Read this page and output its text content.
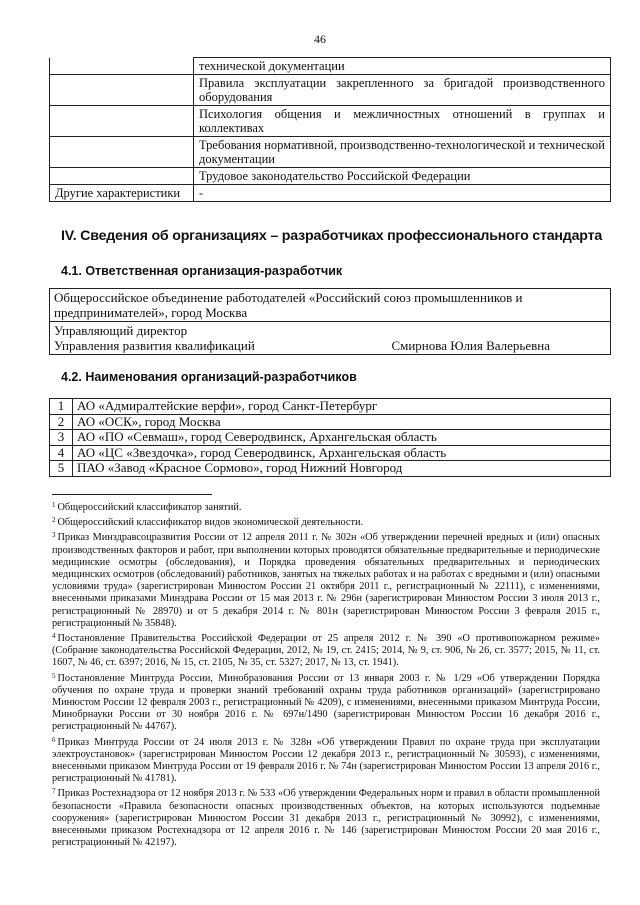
46
	технической документации
	Правила эксплуатации закрепленного за бригадой производственного оборудования
	Психология общения и межличностных отношений в группах и коллективах
	Требования нормативной, производственно-технологической и технической документации
	Трудовое законодательство Российской Федерации
Другие характеристики	-
IV. Сведения об организациях – разработчиках профессионального стандарта
4.1. Ответственная организация-разработчик
Общероссийское объединение работодателей «Российский союз промышленников и предпринимателей», город Москва

Управляющий директор
Управления развития квалификаций	Смирнова Юлия Валерьевна
4.2. Наименования организаций-разработчиков
1	АО «Адмиралтейские верфи», город Санкт-Петербург
2	АО «ОСК», город Москва
3	АО «ПО «Севмаш», город Северодвинск, Архангельская область
4	АО «ЦС «Звездочка», город Северодвинск, Архангельская область
5	ПАО «Завод «Красное Сормово», город Нижний Новгород

$^1$ Общероссийский классификатор занятий.

$^2$ Общероссийский классификатор видов экономической деятельности.

$^3$ Приказ Минздравсоцразвития России от 12 апреля 2011 г. № 302н «Об утверждении перечней вредных и (или) опасных производственных факторов и работ, при выполнении которых проводятся обязательные предварительные и периодические медицинские осмотры (обследования), и Порядка проведения обязательных предварительных и периодических медицинских осмотров (обследований) работников, занятых на тяжелых работах и на работах с вредными и (или) опасными условиями труда» (зарегистрирован Минюстом России 21 октября 2011 г., регистрационный № 22111), с изменениями, внесенными приказами Минздрава России от 15 мая 2013 г. № 296н (зарегистрирован Минюстом России 3 июля 2013 г., регистрационный № 28970) и от 5 декабря 2014 г. № 801н (зарегистрирован Минюстом России 3 февраля 2015 г., регистрационный № 35848).

$^4$ Постановление Правительства Российской Федерации от 25 апреля 2012 г. № 390 «О противопожарном режиме» (Собрание законодательства Российской Федерации, 2012, № 19, ст. 2415; 2014, № 9, ст. 906, № 26, ст. 3577; 2015, № 11, ст. 1607, № 46, ст. 6397; 2016, № 15, ст. 2105, № 35, ст. 5327; 2017, № 13, ст. 1941).

$^5$ Постановление Минтруда России, Минобразования России от 13 января 2003 г. № 1/29 «Об утверждении Порядка обучения по охране труда и проверки знаний требований охраны труда работников организаций» (зарегистрировано Минюстом России 12 февраля 2003 г., регистрационный № 4209), с изменениями, внесенными приказом Минтруда России, Минобрнауки России от 30 ноября 2016 г. № 697н/1490 (зарегистрирован Минюстом России 16 декабря 2016 г., регистрационный № 44767).

$^6$ Приказ Минтруда России от 24 июля 2013 г. № 328н «Об утверждении Правил по охране труда при эксплуатации электроустановок» (зарегистрирован Минюстом России 12 декабря 2013 г., регистрационный № 30593), с изменениями, внесенными приказом Минтруда России от 19 февраля 2016 г. № 74н (зарегистрирован Минюстом России 13 апреля 2016 г., регистрационный № 41781).

$^7$ Приказ Ростехнадзора от 12 ноября 2013 г. № 533 «Об утверждении Федеральных норм и правил в области промышленной безопасности «Правила безопасности опасных производственных объектов, на которых используются подъемные сооружения» (зарегистрирован Минюстом России 31 декабря 2013 г., регистрационный № 30992), с изменениями, внесенными приказом Ростехнадзора от 12 апреля 2016 г. № 146 (зарегистрирован Минюстом России 20 мая 2016 г., регистрационный № 42197).
